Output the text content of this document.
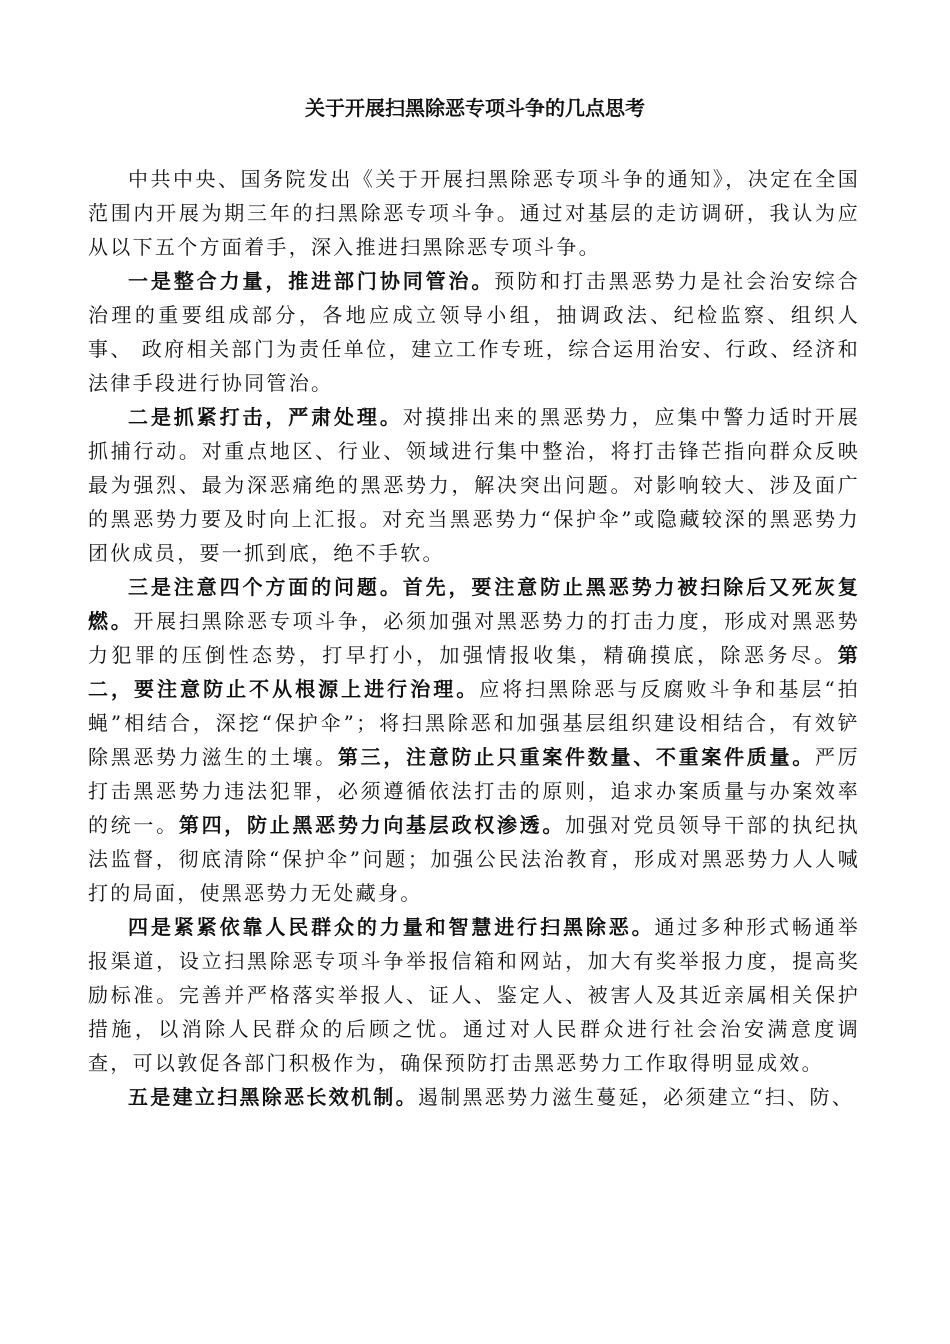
关于开展扫黑除恶专项斗争的几点思考

中共中央、国务院发出《关于开展扫黑除恶专项斗争的通知》，决定在全国范围内开展为期三年的扫黑除恶专项斗争。通过对基层的走访调研，我认为应从以下五个方面着手，深入推进扫黑除恶专项斗争。

一是整合力量，推进部门协同管治。预防和打击黑恶势力是社会治安综合治理的重要组成部分，各地应成立领导小组，抽调政法、纪检监察、组织人事、 政府相关部门为责任单位，建立工作专班，综合运用治安、行政、经济和法律手段进行协同管治。

二是抓紧打击，严肃处理。对摸排出来的黑恶势力，应集中警力适时开展抓捕行动。对重点地区、行业、领域进行集中整治，将打击锋芒指向群众反映最为强烈、最为深恶痛绝的黑恶势力，解决突出问题。对影响较大、涉及面广的黑恶势力要及时向上汇报。对充当黑恶势力“保护伞”或隐藏较深的黑恶势力团伙成员，要一抓到底，绝不手软。

三是注意四个方面的问题。首先，要注意防止黑恶势力被扫除后又死灰复燃。开展扫黑除恶专项斗争，必须加强对黑恶势力的打击力度，形成对黑恶势力犯罪的压倒性态势，打早打小，加强情报收集，精确摸底，除恶务尽。第二，要注意防止不从根源上进行治理。应将扫黑除恶与反腐败斗争和基层“拍蝇”相结合，深挖“保护伞”；将扫黑除恶和加强基层组织建设相结合，有效铲除黑恶势力滋生的土壤。第三，注意防止只重案件数量、不重案件质量。严厉打击黑恶势力违法犯罪，必须遵循依法打击的原则，追求办案质量与办案效率的统一。第四，防止黑恶势力向基层政权渗透。加强对党员领导干部的执纪执法监督，彻底清除“保护伞”问题；加强公民法治教育，形成对黑恶势力人人喊打的局面，使黑恶势力无处藏身。

四是紧紧依靠人民群众的力量和智慧进行扫黑除恶。通过多种形式畅通举报渠道，设立扫黑除恶专项斗争举报信箱和网站，加大有奖举报力度，提高奖励标准。完善并严格落实举报人、证人、鉴定人、被害人及其近亲属相关保护措施，以消除人民群众的后顾之忧。通过对人民群众进行社会治安满意度调查，可以敦促各部门积极作为，确保预防打击黑恶势力工作取得明显成效。

五是建立扫黑除恶长效机制。遏制黑恶势力滋生蔓延，必须建立“扫、防、
